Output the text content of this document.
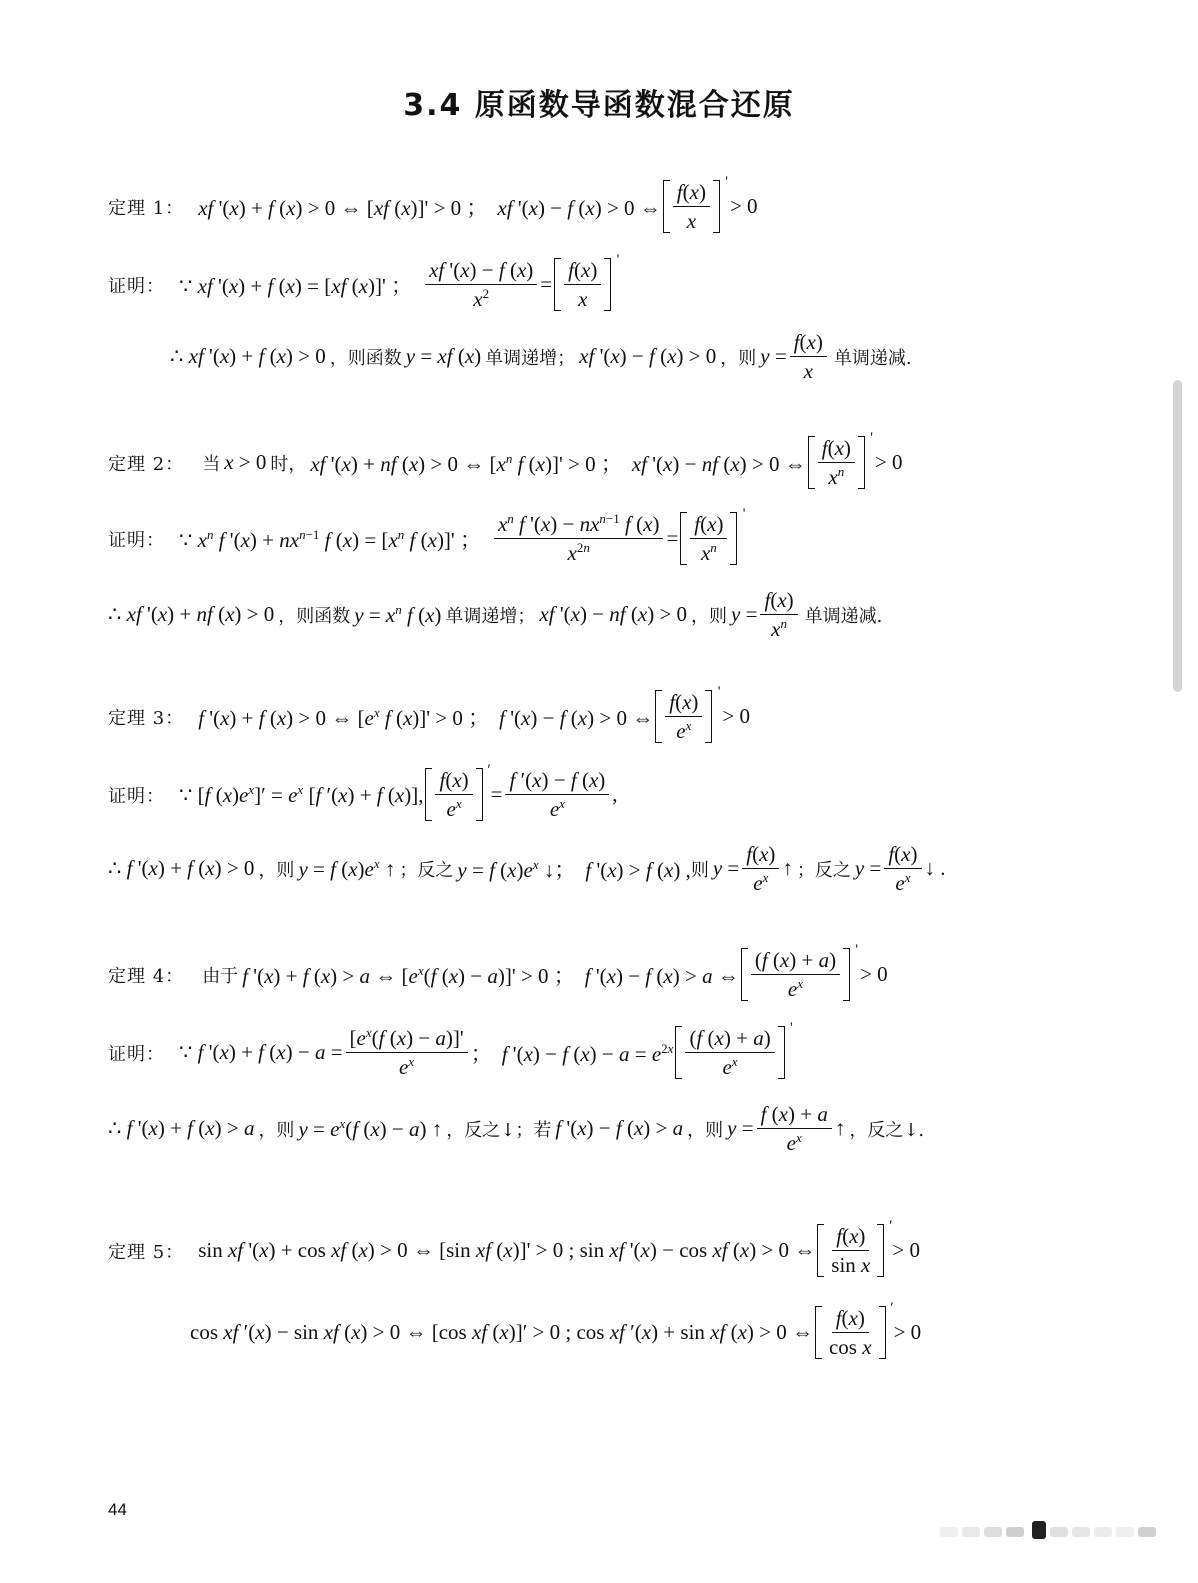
3.4 原函数导函数混合还原
定理 1： xf '(x) + f (x) > 0 ⇔ [xf (x)]' > 0 ； xf '(x) − f (x) > 0 ⇔ $\frac{f(x)}{x}$ '
> 0
证明： ∵ xf '(x) + f (x) = [xf (x)]' ； $\frac{xf '(x) - f (x)}{x^2} = \frac{f(x)}{x}$ '
∴ xf '(x) + f (x) > 0 ，则函数 y = xf (x) 单调递增； xf '(x) − f (x) > 0 ，则 $y = \frac{f(x)}{x}$ 单调递减.
定理 2： 当 x > 0 时， xf '(x) + nf (x) > 0 ⇔ [$x^n$ f (x)]' > 0 ； xf '(x) − nf (x) > 0 ⇔ $\frac{f(x)}{x^n}$ '
> 0
证明： ∵ $x^n$ f '$(x) + nx^{n-1}$ f $(x) = [x^n$ f (x)]' ； $\frac{x^n f '(x) - nx^{n-1} f (x)}{x^{2n}} = \frac{f(x)}{x^n}$ '
∴ xf '(x) + nf (x) > 0 ，则函数 $y = x^n$ f (x) 单调递增； xf '(x) − nf (x) > 0 ，则 $y = \frac{f(x)}{x^n}$ 单调递减.
定理 3： f '(x) + f (x) > 0 ⇔ [$e^x$ f (x)]' > 0 ； f '(x) − f (x) > 0 ⇔ $\frac{f(x)}{e^x}$ '
> 0
证明： ∵ [f $(x)e^x]' = e^x$ [f ′(x) + f (x)], $\frac{f(x)}{e^x}$ ′
= $\frac{f '(x) - f (x)}{e^x}$ ,
∴ f '(x) + f (x) > 0 ，则 y = f $(x)e^x$ ↑ ；反之 y = f $(x)e^x$ ↓； f '(x) > f (x) , 则 $y = \frac{f(x)}{e^x}$ ↑ ；反之 $y = \frac{f(x)}{e^x}$ ↓ .
定理 4： 由于 f '(x) + f (x) > a ⇔ [$e^x(f$ (x) − a)]' > 0 ； f '(x) − f (x) > a ⇔ $\frac{(f (x) + a)}{e^x}$ '
> 0
证明： ∵ f '(x) + f $(x) - a = \frac{[e^x(f (x) - a)]'}{e^x}$ ； f '(x) − f $(x) - a = e^{2x} \frac{(f (x) + a)}{e^x}$ '
∴ f '(x) + f (x) > a ，则 $y = e^x(f$ (x) − a) ↑ ，反之↓；若 f '(x) − f (x) > a ，则 $y = \frac{f (x) + a}{e^x}$ ↑ ，反之↓.
定理 5： sin xf '(x) + cos xf (x) > 0 ⇔ [sin xf (x)]' > 0 ; sin xf '(x) − cos xf (x) > 0 ⇔ $\frac{f(x)}{\text{sin x}}$ ′
> 0
cos xf ′(x) − sin xf (x) > 0 ⇔ [cos xf (x)]′ > 0 ; cos xf ′(x) + sin xf (x) > 0 ⇔ $\frac{f(x)}{\text{cos x}}$ ′
> 0
44
